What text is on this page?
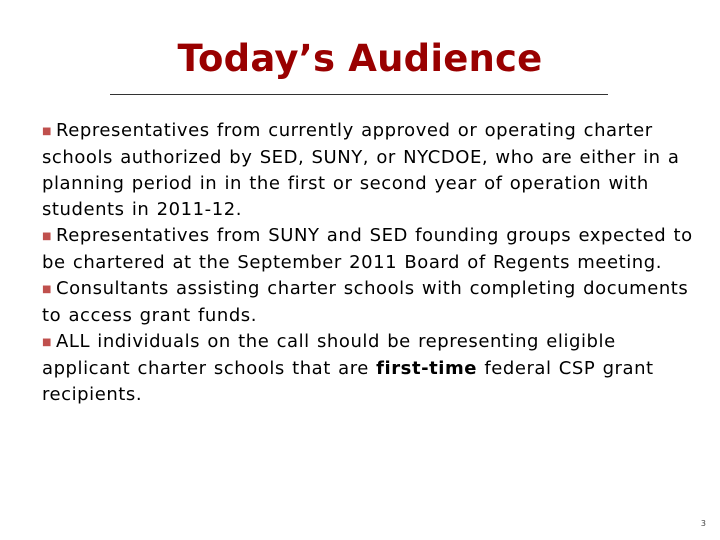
Today’s Audience
■ Representatives from currently approved or operating charter schools authorized by SED, SUNY, or NYCDOE, who are either in a planning period in in the first or second year of operation with students in 2011-12.
■ Representatives from SUNY and SED founding groups expected to be chartered at the September 2011 Board of Regents meeting.
■ Consultants assisting charter schools with completing documents to access grant funds.
■ ALL individuals on the call should be representing eligible applicant charter schools that are first-time federal CSP grant recipients.
3
